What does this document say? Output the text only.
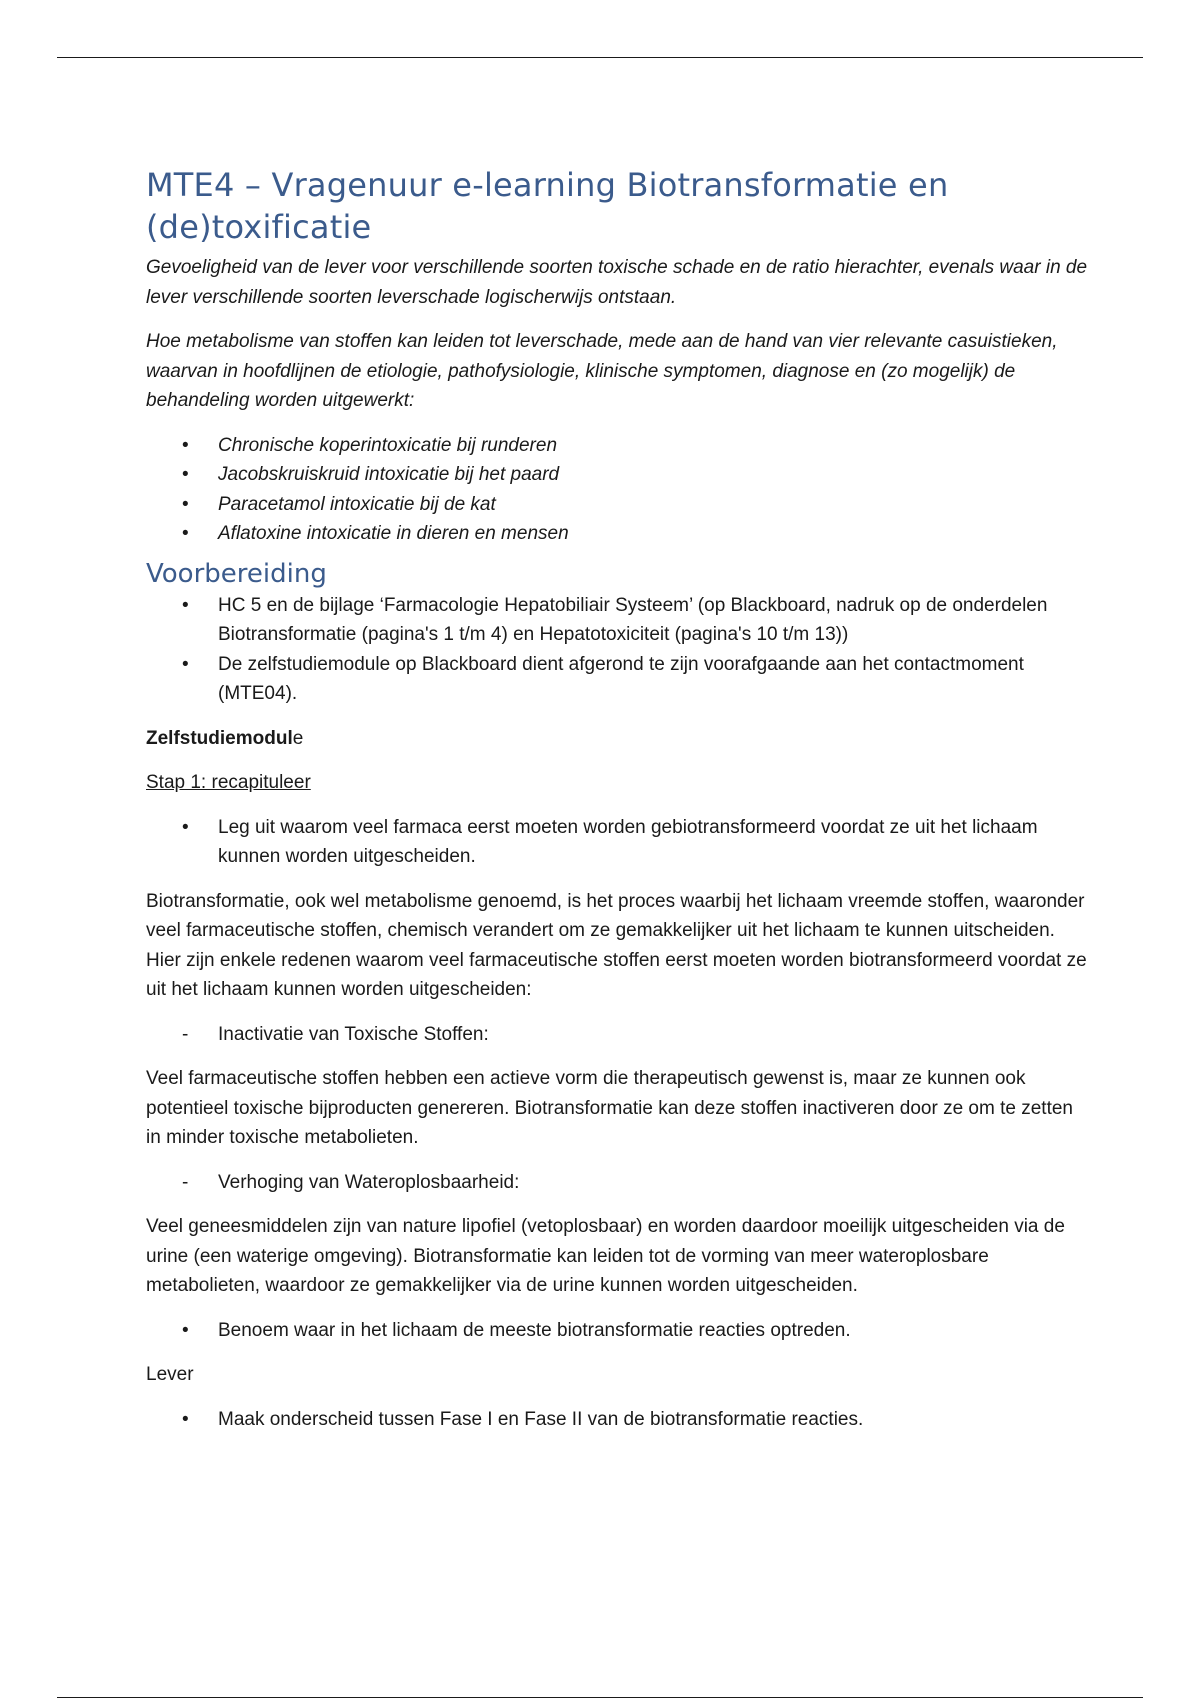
MTE4 – Vragenuur e-learning Biotransformatie en (de)toxificatie

Gevoeligheid van de lever voor verschillende soorten toxische schade en de ratio hierachter, evenals waar in de lever verschillende soorten leverschade logischerwijs ontstaan.

Hoe metabolisme van stoffen kan leiden tot leverschade, mede aan de hand van vier relevante casuistieken, waarvan in hoofdlijnen de etiologie, pathofysiologie, klinische symptomen, diagnose en (zo mogelijk) de behandeling worden uitgewerkt:

• Chronische koperintoxicatie bij runderen
• Jacobskruiskruid intoxicatie bij het paard
• Paracetamol intoxicatie bij de kat
• Aflatoxine intoxicatie in dieren en mensen
Voorbereiding
• HC 5 en de bijlage ‘Farmacologie Hepatobiliair Systeem’ (op Blackboard, nadruk op de onderdelen Biotransformatie (pagina's 1 t/m 4) en Hepatotoxiciteit (pagina's 10 t/m 13))
• De zelfstudiemodule op Blackboard dient afgerond te zijn voorafgaande aan het contactmoment (MTE04).

Zelfstudiemodule

Stap 1: recapituleer

• Leg uit waarom veel farmaca eerst moeten worden gebiotransformeerd voordat ze uit het lichaam kunnen worden uitgescheiden.

Biotransformatie, ook wel metabolisme genoemd, is het proces waarbij het lichaam vreemde stoffen, waaronder veel farmaceutische stoffen, chemisch verandert om ze gemakkelijker uit het lichaam te kunnen uitscheiden. Hier zijn enkele redenen waarom veel farmaceutische stoffen eerst moeten worden biotransformeerd voordat ze uit het lichaam kunnen worden uitgescheiden:

- Inactivatie van Toxische Stoffen:

Veel farmaceutische stoffen hebben een actieve vorm die therapeutisch gewenst is, maar ze kunnen ook potentieel toxische bijproducten genereren. Biotransformatie kan deze stoffen inactiveren door ze om te zetten in minder toxische metabolieten.

- Verhoging van Wateroplosbaarheid:

Veel geneesmiddelen zijn van nature lipofiel (vetoplosbaar) en worden daardoor moeilijk uitgescheiden via de urine (een waterige omgeving). Biotransformatie kan leiden tot de vorming van meer wateroplosbare metabolieten, waardoor ze gemakkelijker via de urine kunnen worden uitgescheiden.

• Benoem waar in het lichaam de meeste biotransformatie reacties optreden.

Lever

• Maak onderscheid tussen Fase I en Fase II van de biotransformatie reacties.
